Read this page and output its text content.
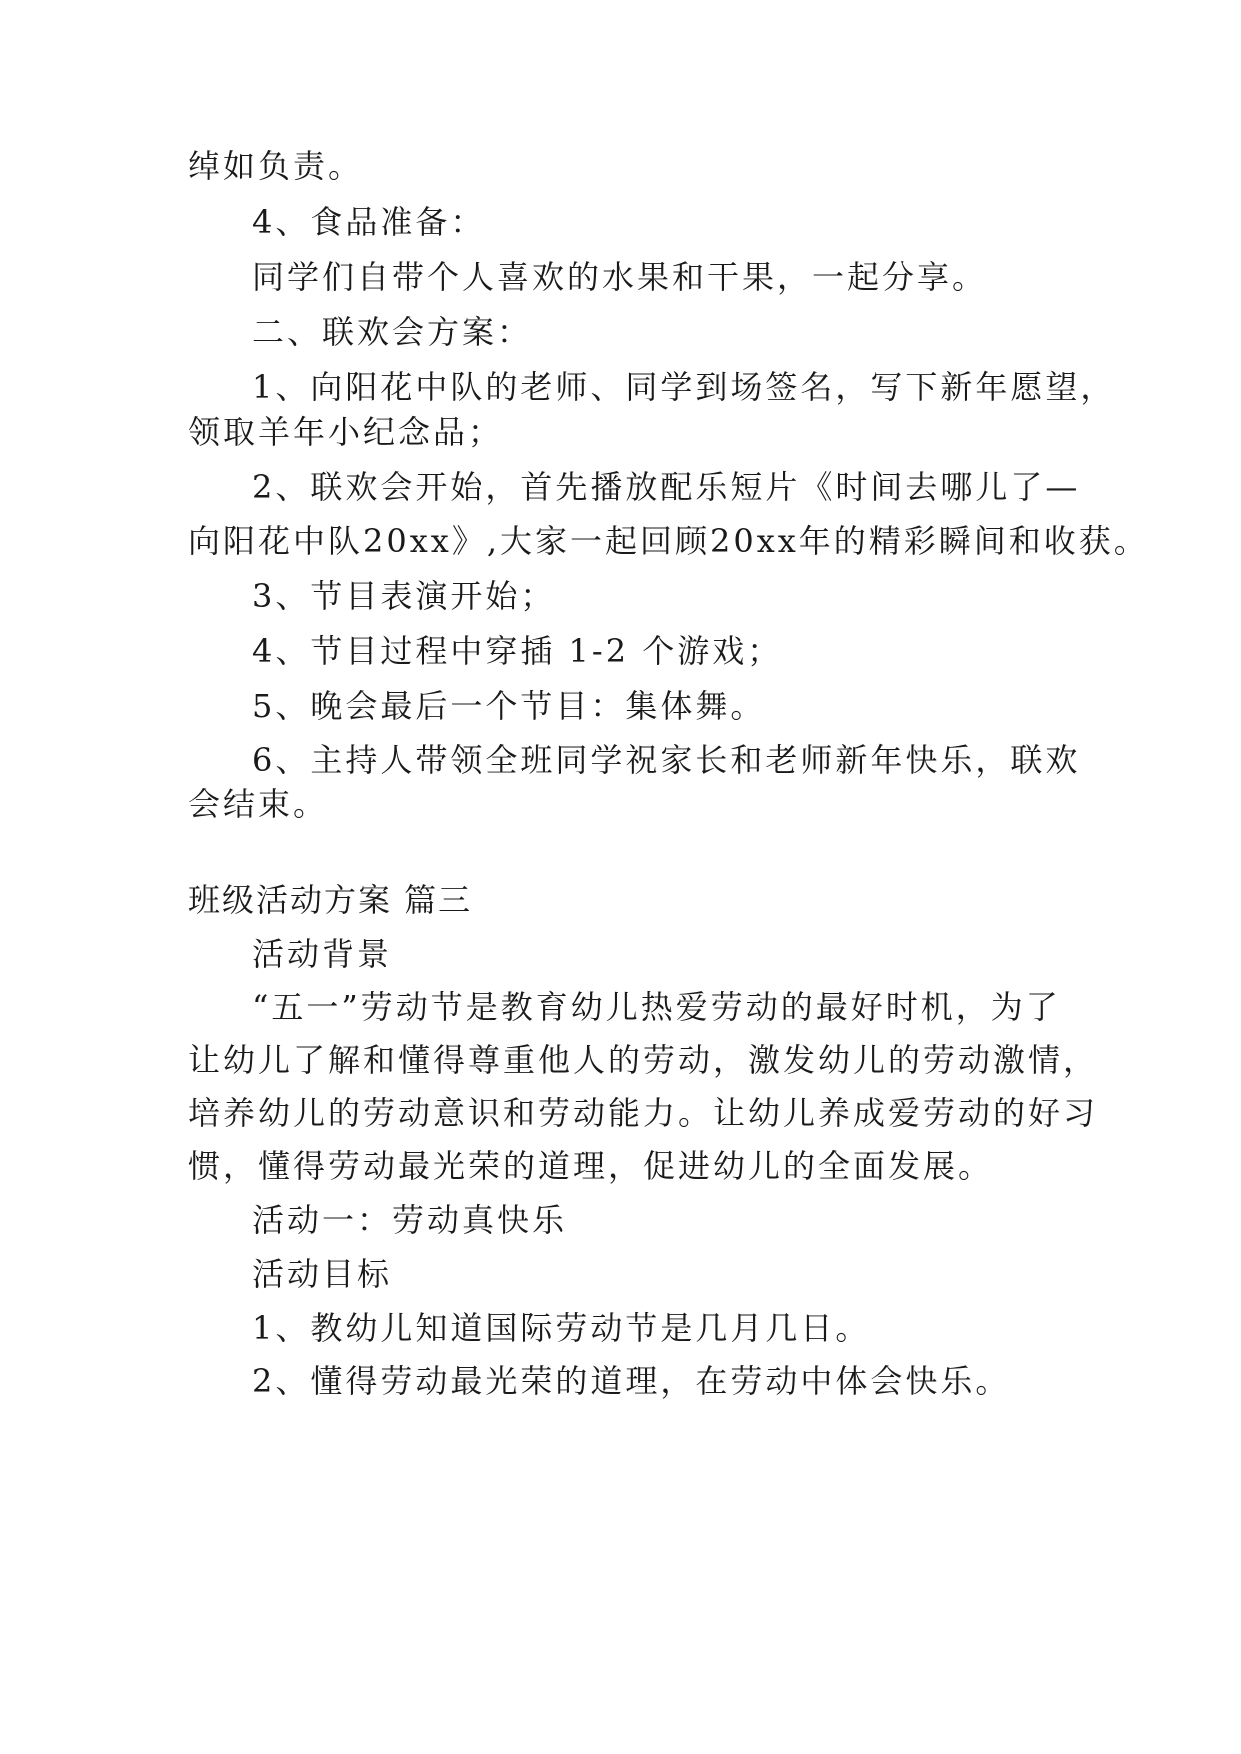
绰如负责。
4、食品准备：
同学们自带个人喜欢的水果和干果，一起分享。
二、联欢会方案：
1、向阳花中队的老师、同学到场签名，写下新年愿望，
领取羊年小纪念品；
2、联欢会开始，首先播放配乐短片《时间去哪儿了—
向阳花中队20xx》,大家一起回顾20xx年的精彩瞬间和收获。
3、节目表演开始；
4、节目过程中穿插 1-2 个游戏；
5、晚会最后一个节目：集体舞。
6、主持人带领全班同学祝家长和老师新年快乐，联欢
会结束。
班级活动方案 篇三
活动背景
“五一”劳动节是教育幼儿热爱劳动的最好时机，为了
让幼儿了解和懂得尊重他人的劳动，激发幼儿的劳动激情，
培养幼儿的劳动意识和劳动能力。让幼儿养成爱劳动的好习
惯，懂得劳动最光荣的道理，促进幼儿的全面发展。
活动一：劳动真快乐
活动目标
1、教幼儿知道国际劳动节是几月几日。
2、懂得劳动最光荣的道理，在劳动中体会快乐。
